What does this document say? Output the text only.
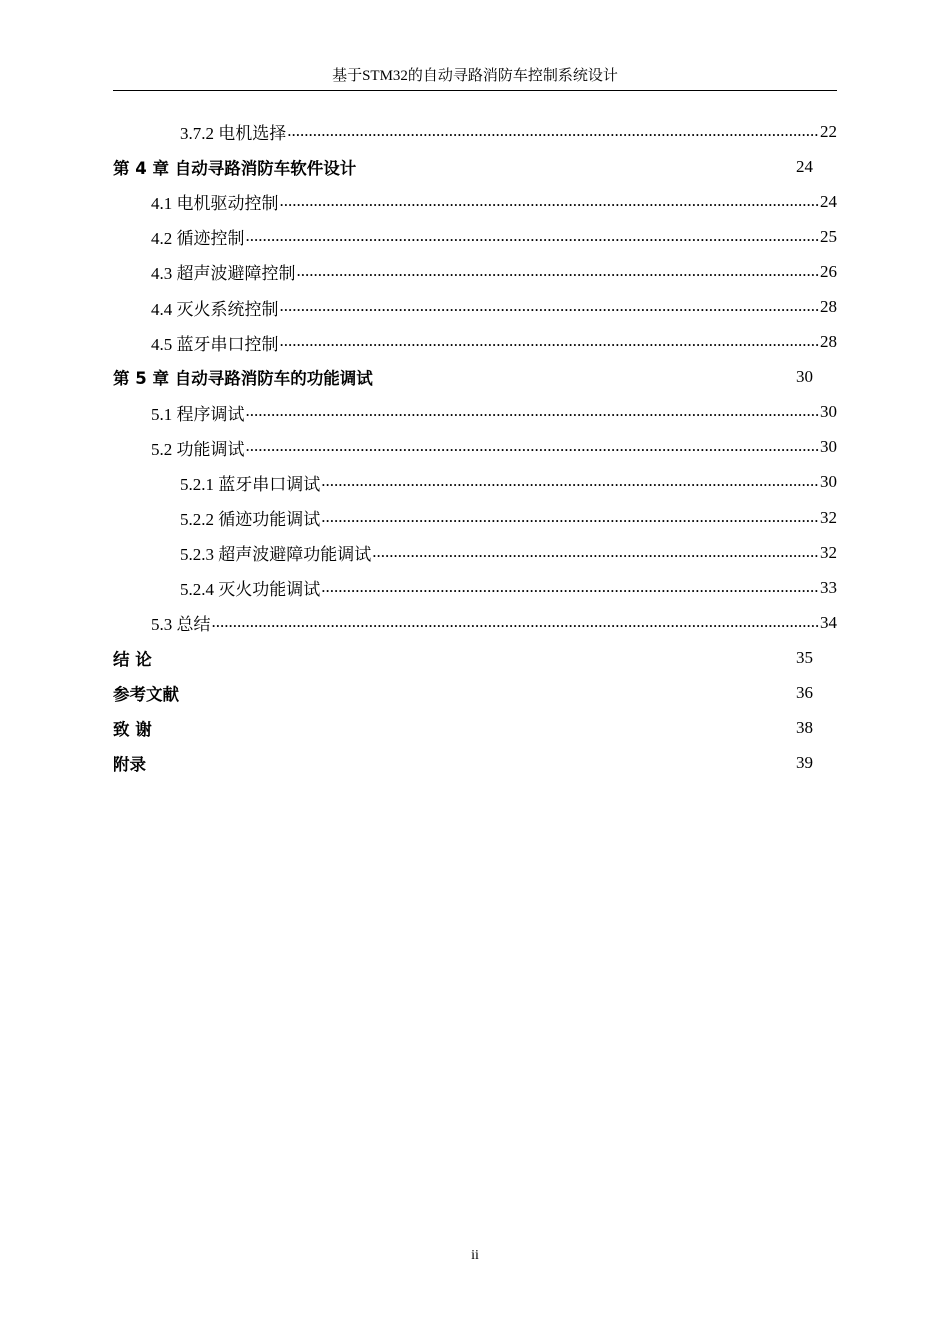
基于STM32的自动寻路消防车控制系统设计
3.7.2 电机选择 .....	22
第 4 章 自动寻路消防车软件设计	24
4.1 电机驱动控制 .....	24
4.2 循迹控制 .....	25
4.3 超声波避障控制 .....	26
4.4 灭火系统控制 .....	28
4.5 蓝牙串口控制 .....	28
第 5 章 自动寻路消防车的功能调试	30
5.1 程序调试 .....	30
5.2 功能调试 .....	30
5.2.1 蓝牙串口调试 .....	30
5.2.2 循迹功能调试 .....	32
5.2.3 超声波避障功能调试 .....	32
5.2.4 灭火功能调试 .....	33
5.3 总结 .....	34
结 论	35
参考文献	36
致 谢	38
附录	39
ii
